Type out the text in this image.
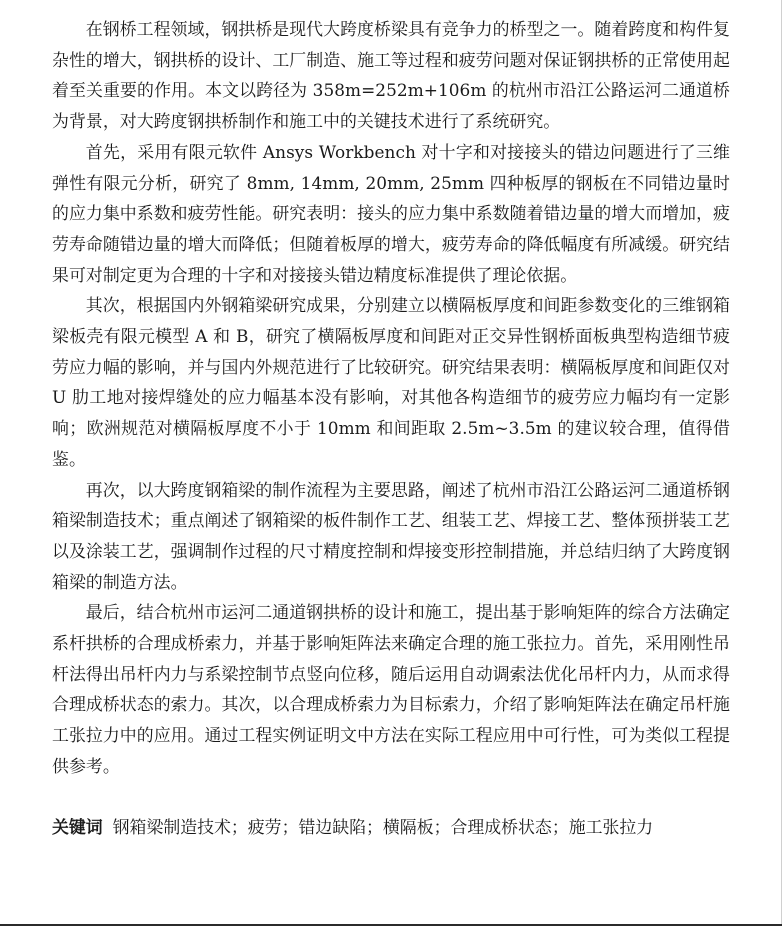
在钢桥工程领域，钢拱桥是现代大跨度桥梁具有竞争力的桥型之一。随着跨度和构件复杂性的增大，钢拱桥的设计、工厂制造、施工等过程和疲劳问题对保证钢拱桥的正常使用起着至关重要的作用。本文以跨径为 358m=252m+106m 的杭州市沿江公路运河二通道桥为背景，对大跨度钢拱桥制作和施工中的关键技术进行了系统研究。

首先，采用有限元软件 Ansys Workbench 对十字和对接接头的错边问题进行了三维弹性有限元分析，研究了 8mm, 14mm, 20mm, 25mm 四种板厚的钢板在不同错边量时的应力集中系数和疲劳性能。研究表明：接头的应力集中系数随着错边量的增大而增加，疲劳寿命随错边量的增大而降低；但随着板厚的增大，疲劳寿命的降低幅度有所减缓。研究结果可对制定更为合理的十字和对接接头错边精度标准提供了理论依据。

其次，根据国内外钢箱梁研究成果，分别建立以横隔板厚度和间距参数变化的三维钢箱梁板壳有限元模型 A 和 B，研究了横隔板厚度和间距对正交异性钢桥面板典型构造细节疲劳应力幅的影响，并与国内外规范进行了比较研究。研究结果表明：横隔板厚度和间距仅对 U 肋工地对接焊缝处的应力幅基本没有影响，对其他各构造细节的疲劳应力幅均有一定影响；欧洲规范对横隔板厚度不小于 10mm 和间距取 2.5m~3.5m 的建议较合理，值得借鉴。

再次，以大跨度钢箱梁的制作流程为主要思路，阐述了杭州市沿江公路运河二通道桥钢箱梁制造技术；重点阐述了钢箱梁的板件制作工艺、组装工艺、焊接工艺、整体预拼装工艺以及涂装工艺，强调制作过程的尺寸精度控制和焊接变形控制措施，并总结归纳了大跨度钢箱梁的制造方法。

最后，结合杭州市运河二通道钢拱桥的设计和施工，提出基于影响矩阵的综合方法确定系杆拱桥的合理成桥索力，并基于影响矩阵法来确定合理的施工张拉力。首先，采用刚性吊杆法得出吊杆内力与系梁控制节点竖向位移，随后运用自动调索法优化吊杆内力，从而求得合理成桥状态的索力。其次，以合理成桥索力为目标索力，介绍了影响矩阵法在确定吊杆施工张拉力中的应用。通过工程实例证明文中方法在实际工程应用中可行性，可为类似工程提供参考。

关键词 钢箱梁制造技术；疲劳；错边缺陷；横隔板；合理成桥状态；施工张拉力
